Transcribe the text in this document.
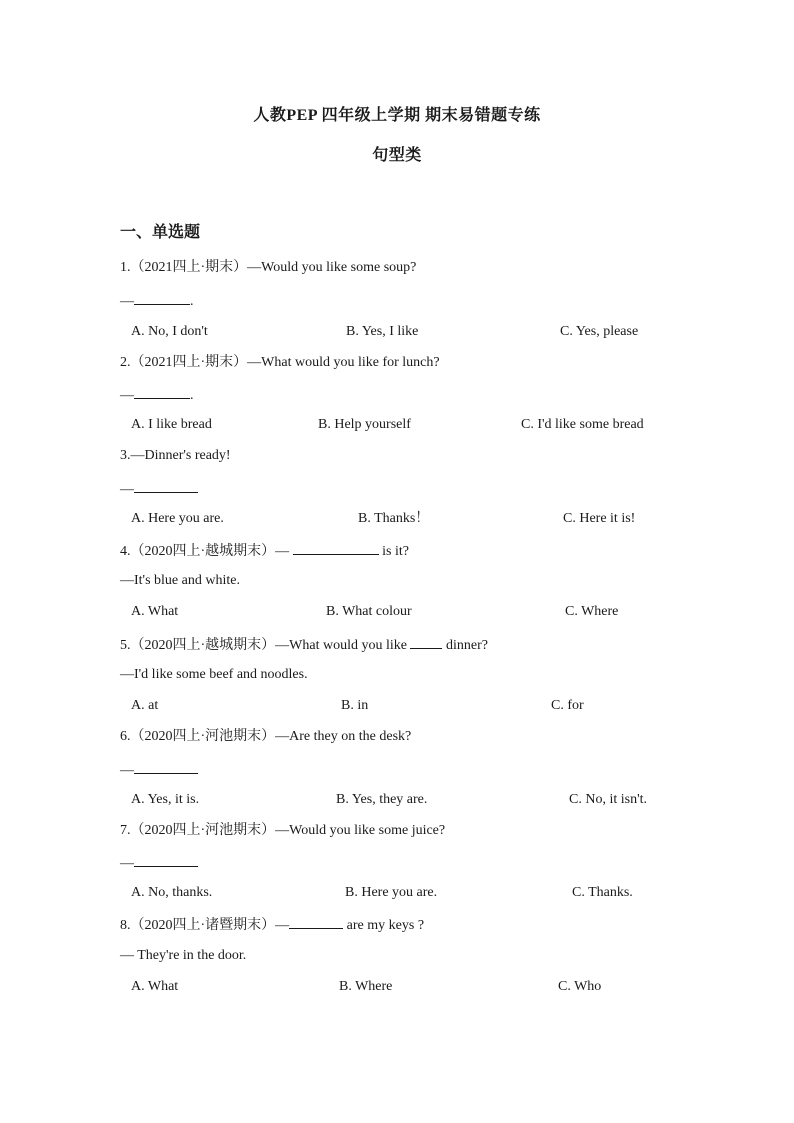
人教PEP 四年级上学期 期末易错题专练
句型类
一、单选题
1.（2021四上·期末）—Would you like some soup?
—	.
A. No, I don't	B. Yes, I like	C. Yes, please
2.（2021四上·期末）—What would you like for lunch?
—	.
A. I like bread	B. Help yourself	C. I'd like some bread
3.—Dinner's ready!
—
A. Here you are.	B. Thanks！	C. Here it is!
4.（2020四上·越城期末）—	is it?
—It's blue and white.
A. What	B. What colour	C. Where
5.（2020四上·越城期末）—What would you like  dinner?
—I'd like some beef and noodles.
A. at	B. in	C. for
6.（2020四上·河池期末）—Are they on the desk?
—
A. Yes, it is.	B. Yes, they are.	C. No, it isn't.
7.（2020四上·河池期末）—Would you like some juice?
—
A. No, thanks.	B. Here you are.	C. Thanks.
8.（2020四上·诸暨期末）—	are my keys ?
— They're in the door.
A. What	B. Where	C. Who
